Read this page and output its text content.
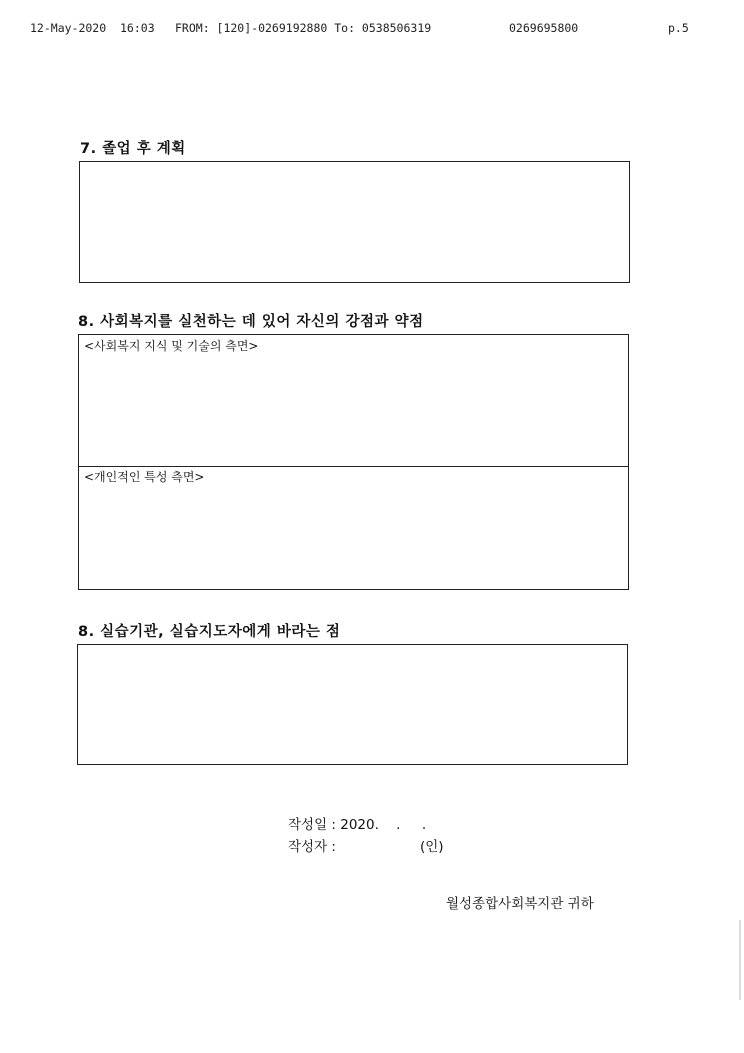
12-May-2020  16:03 FROM: [120]-0269192880 To: 0538506319	0269695800	p.5
7. 졸업 후 계획
8. 사회복지를 실천하는 데 있어 자신의 강점과 약점
<사회복지 지식 및 기술의 측면>
<개인적인 특성 측면>
8. 실습기관, 실습지도자에게 바라는 점
작성일 : 2020.    .     .
작성자 :	(인)
월성종합사회복지관 귀하
